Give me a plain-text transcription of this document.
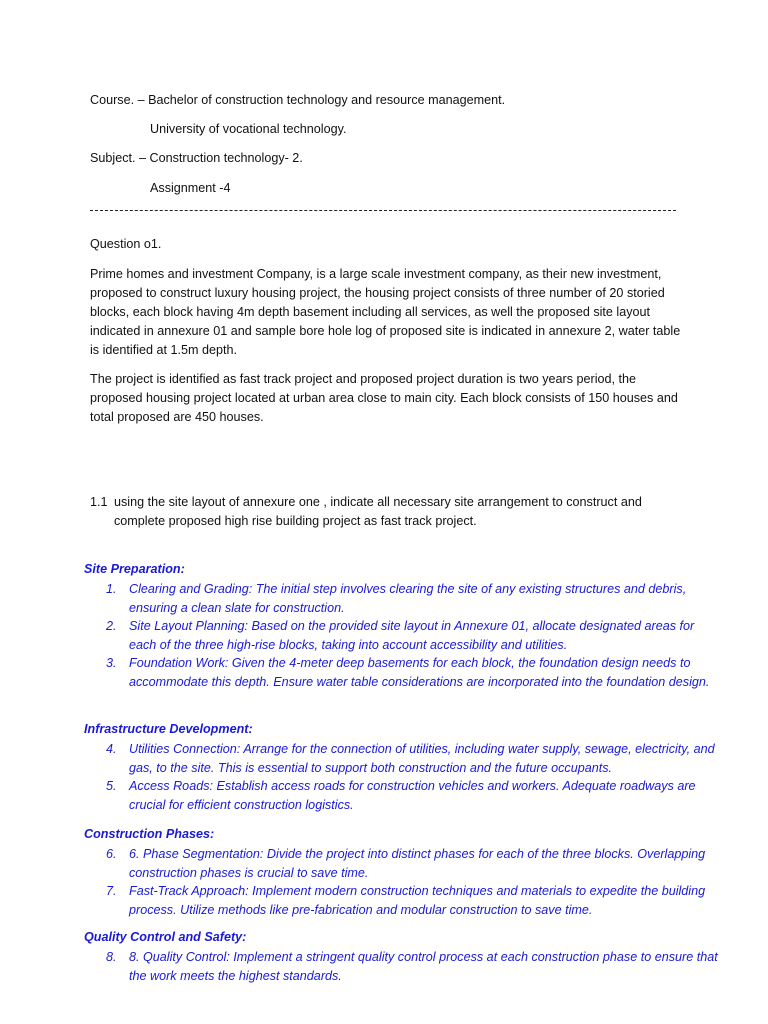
Course. – Bachelor of construction technology and resource management.
University of vocational technology.
Subject. – Construction technology- 2.
Assignment -4
Question o1.
Prime homes and investment Company, is a large scale investment company, as their new investment, proposed to construct luxury housing project, the housing project consists of three number of 20 storied blocks, each block having 4m depth basement including all services, as well the proposed site layout indicated in annexure 01 and sample bore hole log of proposed site is indicated in annexure 2, water table is identified at 1.5m depth.
The project is identified as fast track project and proposed project duration is two years period, the proposed housing project located at urban area close to main city. Each block consists of 150 houses and total proposed are 450 houses.
1.1 using the site layout of annexure one , indicate all necessary site arrangement to construct and
complete proposed high rise building project as fast track project.
Site Preparation:
1. Clearing and Grading: The initial step involves clearing the site of any existing structures and debris, ensuring a clean slate for construction.
2. Site Layout Planning: Based on the provided site layout in Annexure 01, allocate designated areas for each of the three high-rise blocks, taking into account accessibility and utilities.
3. Foundation Work: Given the 4-meter deep basements for each block, the foundation design needs to accommodate this depth. Ensure water table considerations are incorporated into the foundation design.
Infrastructure Development:
4. Utilities Connection: Arrange for the connection of utilities, including water supply, sewage, electricity, and gas, to the site. This is essential to support both construction and the future occupants.
5. Access Roads: Establish access roads for construction vehicles and workers. Adequate roadways are crucial for efficient construction logistics.
Construction Phases:
6. 6. Phase Segmentation: Divide the project into distinct phases for each of the three blocks. Overlapping construction phases is crucial to save time.
7. Fast-Track Approach: Implement modern construction techniques and materials to expedite the building process. Utilize methods like pre-fabrication and modular construction to save time.
Quality Control and Safety:
8. 8. Quality Control: Implement a stringent quality control process at each construction phase to ensure that the work meets the highest standards.
